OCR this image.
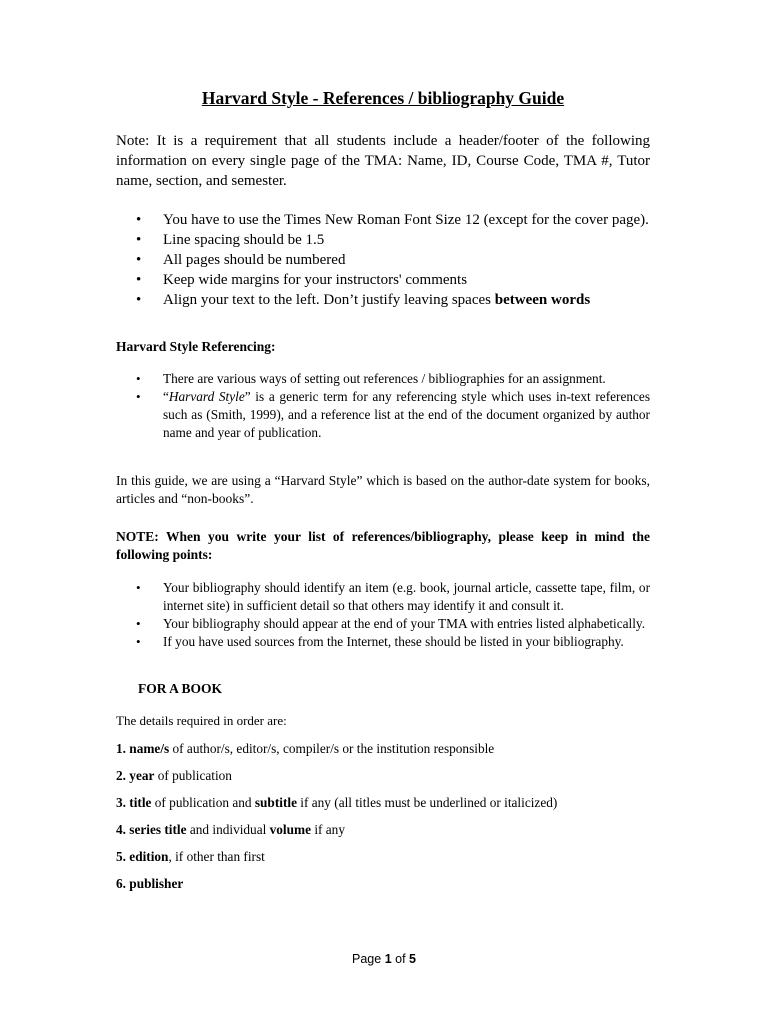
Harvard Style - References / bibliography Guide

Note: It is a requirement that all students include a header/footer of the following information on every single page of the TMA: Name, ID, Course Code, TMA #, Tutor name, section, and semester.

• You have to use the Times New Roman Font Size 12 (except for the cover page).
• Line spacing should be 1.5
• All pages should be numbered
• Keep wide margins for your instructors' comments
• Align your text to the left. Don’t justify leaving spaces between words

Harvard Style Referencing:

• There are various ways of setting out references / bibliographies for an assignment.
• “Harvard Style” is a generic term for any referencing style which uses in-text references such as (Smith, 1999), and a reference list at the end of the document organized by author name and year of publication.

In this guide, we are using a “Harvard Style” which is based on the author-date system for books, articles and “non-books”.

NOTE: When you write your list of references/bibliography, please keep in mind the following points:

• Your bibliography should identify an item (e.g. book, journal article, cassette tape, film, or internet site) in sufficient detail so that others may identify it and consult it.
• Your bibliography should appear at the end of your TMA with entries listed alphabetically.
• If you have used sources from the Internet, these should be listed in your bibliography.

FOR A BOOK

The details required in order are:

1. name/s of author/s, editor/s, compiler/s or the institution responsible

2. year of publication

3. title of publication and subtitle if any (all titles must be underlined or italicized)

4. series title and individual volume if any

5. edition, if other than first

6. publisher

Page 1 of 5
